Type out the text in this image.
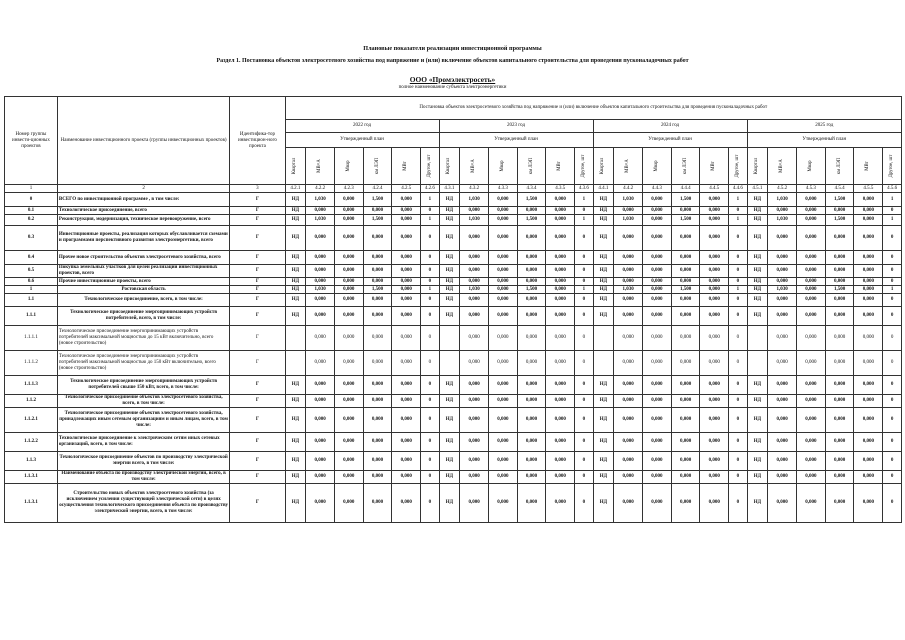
Плановые показатели реализации инвестиционной программы
Раздел 1. Постановка объектов электросетевого хозяйства под напряжение и (или) включение объектов капитального строительства для проведения пусконаладочных работ
ООО «Промэлектросеть»
полное наименование субъекта электроэнергетики
Номер группы инвести-ционных проектов	Наименование инвестиционного проекта (группы инвестиционных проектов)	Идентифика-тор инвестицион-ного проекта	Постановка объектов электросетевого хозяйства под напряжение и (или) включение объектов капитального строительства для проведения пусконаладочных работ																							
			2022 год						2023 год						2024 год						2025 год					
			Утвержденный план						Утвержденный план						Утвержденный план						Утвержденный план					

			Квартал	МВ×А	Мвар	км ЛЭП	МВт	Другое, шт	Квартал	МВ×А	Мвар	км ЛЭП	МВт	Другое, шт	Квартал	МВ×А	Мвар	км ЛЭП	МВт	Другое, шт	Квартал	МВ×А	Мвар	км ЛЭП	МВт	Другое, шт

1	2	3	4.2.1	4.2.2	4.2.3	4.2.4	4.2.5	4.2.6	4.3.1	4.3.2	4.3.3	4.3.4	4.3.5	4.3.6	4.4.1	4.4.2	4.4.3	4.4.4	4.4.5	4.4.6	4.5.1	4.5.2	4.5.3	4.5.4	4.5.5	4.5.6
0	ВСЕГО по инвестиционной программе , в том числе:	Г	НД	1,030	0,000	1,500	0,000	1	НД	1,030	0,000	1,500	0,000	1	НД	1,030	0,000	1,500	0,000	1	НД	1,030	0,000	1,500	0,000	1
0.1	Технологическое присоединение, всего	Г	НД	0,000	0,000	0,000	0,000	0	НД	0,000	0,000	0,000	0,000	0	НД	0,000	0,000	0,000	0,000	0	НД	0,000	0,000	0,000	0,000	0
0.2	Реконструкция, модернизация, техническое перевооружение, всего	Г	НД	1,030	0,000	1,500	0,000	1	НД	1,030	0,000	1,500	0,000	1	НД	1,030	0,000	1,500	0,000	1	НД	1,030	0,000	1,500	0,000	1
0.3	Инвестиционные проекты, реализация которых обуславливается схемами и программами перспективного развития электроэнергетики, всего	Г	НД	0,000	0,000	0,000	0,000	0	НД	0,000	0,000	0,000	0,000	0	НД	0,000	0,000	0,000	0,000	0	НД	0,000	0,000	0,000	0,000	0
0.4	Прочее новое строительство объектов электросетевого хозяйства, всего	Г	НД	0,000	0,000	0,000	0,000	0	НД	0,000	0,000	0,000	0,000	0	НД	0,000	0,000	0,000	0,000	0	НД	0,000	0,000	0,000	0,000	0
0.5	Покупка земельных участков для целей реализации инвестиционных проектов, всего	Г	НД	0,000	0,000	0,000	0,000	0	НД	0,000	0,000	0,000	0,000	0	НД	0,000	0,000	0,000	0,000	0	НД	0,000	0,000	0,000	0,000	0
0.6	Прочие инвестиционные проекты, всего	Г	НД	0,000	0,000	0,000	0,000	0	НД	0,000	0,000	0,000	0,000	0	НД	0,000	0,000	0,000	0,000	0	НД	0,000	0,000	0,000	0,000	0
1	Ростовская область	Г	НД	1,030	0,000	1,500	0,000	1	НД	1,030	0,000	1,500	0,000	1	НД	1,030	0,000	1,500	0,000	1	НД	1,030	0,000	1,500	0,000	1
1.1	Технологическое присоединение, всего, в том числе:	Г	НД	0,000	0,000	0,000	0,000	0	НД	0,000	0,000	0,000	0,000	0	НД	0,000	0,000	0,000	0,000	0	НД	0,000	0,000	0,000	0,000	0
1.1.1	Технологическое присоединение энергопринимающих устройств потребителей, всего, в том числе:	Г	НД	0,000	0,000	0,000	0,000	0	НД	0,000	0,000	0,000	0,000	0	НД	0,000	0,000	0,000	0,000	0	НД	0,000	0,000	0,000	0,000	0
1.1.1.1	Технологическое присоединение энергопринимающих устройств потребителей максимальной мощностью до 15 кВт включительно, всего (новое строительство)	Г		0,000	0,000	0,000	0,000	0		0,000	0,000	0,000	0,000	0		0,000	0,000	0,000	0,000	0		0,000	0,000	0,000	0,000	0
1.1.1.2	Технологическое присоединение энергопринимающих устройств потребителей максимальной мощностью до 150 кВт включительно, всего (новое строительство)	Г		0,000	0,000	0,000	0,000	0		0,000	0,000	0,000	0,000	0		0,000	0,000	0,000	0,000	0		0,000	0,000	0,000	0,000	0
1.1.1.3	Технологическое присоединение энергопринимающих устройств потребителей свыше 150 кВт, всего, в том числе:	Г	НД	0,000	0,000	0,000	0,000	0	НД	0,000	0,000	0,000	0,000	0	НД	0,000	0,000	0,000	0,000	0	НД	0,000	0,000	0,000	0,000	0
1.1.2	Технологическое присоединение объектов электросетевого хозяйства, всего, в том числе:	Г	НД	0,000	0,000	0,000	0,000	0	НД	0,000	0,000	0,000	0,000	0	НД	0,000	0,000	0,000	0,000	0	НД	0,000	0,000	0,000	0,000	0
1.1.2.1	Технологическое присоединение объектов электросетевого хозяйства, принадлежащих иным сетевым организациям и иным лицам, всего, в том числе:	Г	НД	0,000	0,000	0,000	0,000	0	НД	0,000	0,000	0,000	0,000	0	НД	0,000	0,000	0,000	0,000	0	НД	0,000	0,000	0,000	0,000	0
1.1.2.2	Технологическое присоединение к электрическим сетям иных сетевых организаций, всего, в том числе:	Г	НД	0,000	0,000	0,000	0,000	0	НД	0,000	0,000	0,000	0,000	0	НД	0,000	0,000	0,000	0,000	0	НД	0,000	0,000	0,000	0,000	0
1.1.3	Технологическое присоединение объектов по производству электрической энергии всего, в том числе:	Г	НД	0,000	0,000	0,000	0,000	0	НД	0,000	0,000	0,000	0,000	0	НД	0,000	0,000	0,000	0,000	0	НД	0,000	0,000	0,000	0,000	0
1.1.3.1	Наименование объекта по производству электрической энергии, всего, в том числе:	Г	НД	0,000	0,000	0,000	0,000	0	НД	0,000	0,000	0,000	0,000	0	НД	0,000	0,000	0,000	0,000	0	НД	0,000	0,000	0,000	0,000	0
1.1.3.1	Строительство новых объектов электросетевого хозяйства (за исключением усиления существующей электрической сети) в целях осуществления технологического присоединения объекта по производству электрической энергии, всего, в том числе:	Г	НД	0,000	0,000	0,000	0,000	0	НД	0,000	0,000	0,000	0,000	0	НД	0,000	0,000	0,000	0,000	0	НД	0,000	0,000	0,000	0,000	0
